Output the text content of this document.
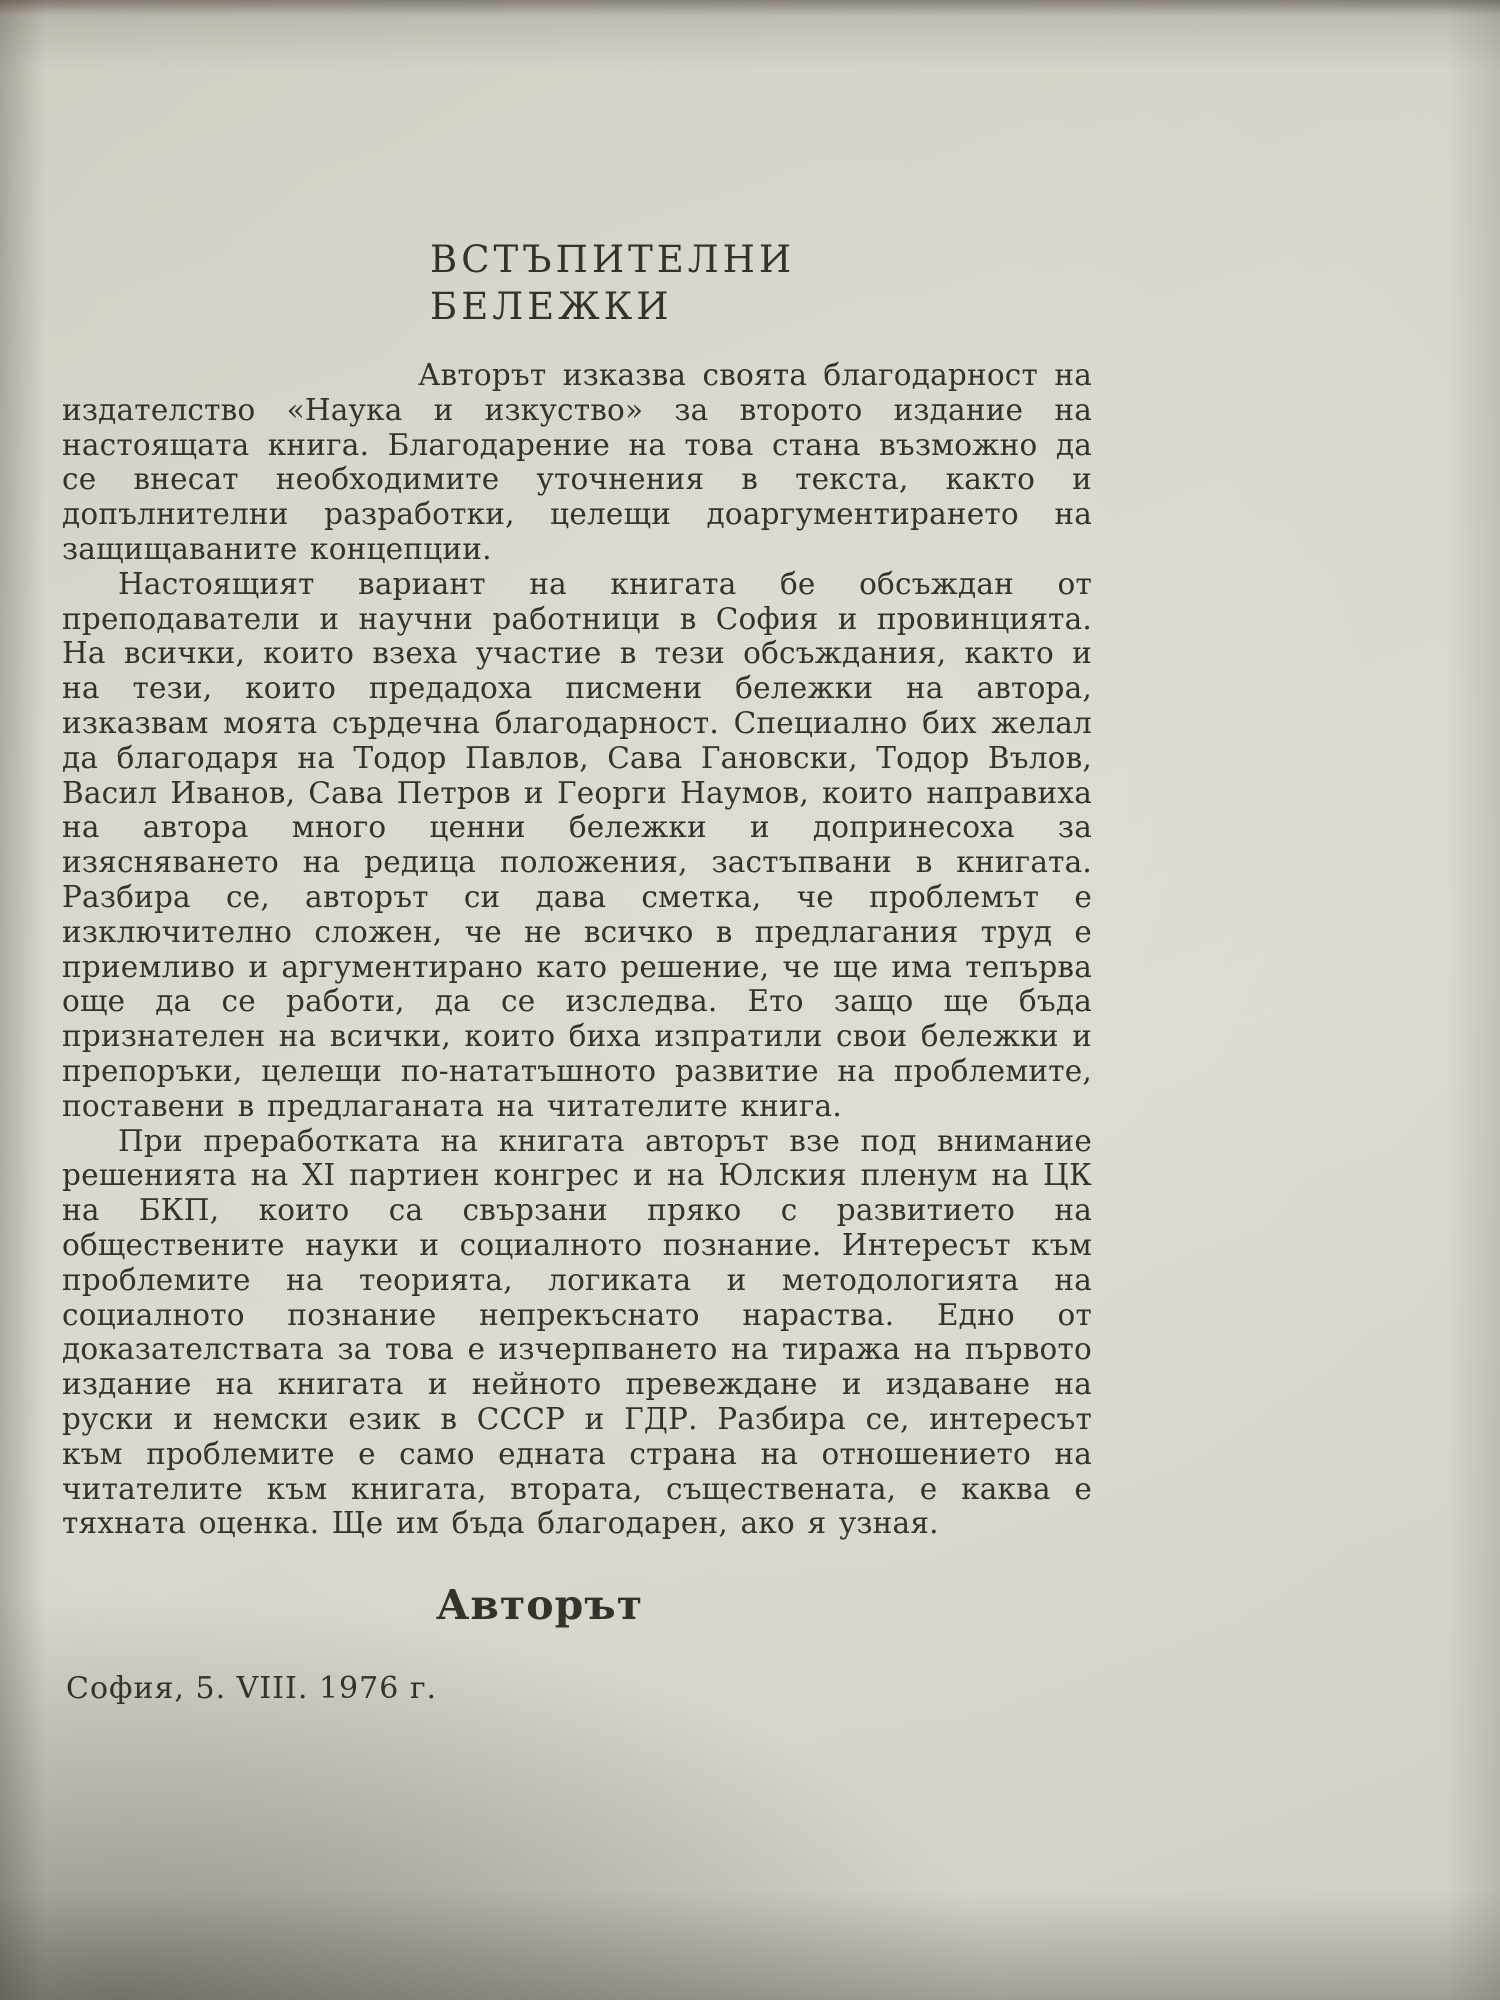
ВСТЪПИТЕЛНИ
БЕЛЕЖКИ

Авторът изказва своята благодарност на издателство «Наука и изкуство» за второто издание на настоящата книга. Благодарение на това стана възможно да се внесат необходимите уточнения в текста, както и допълнителни разработки, целещи доаргументирането на защищаваните концепции.

Настоящият вариант на книгата бе обсъждан от преподаватели и научни работници в София и провинцията. На всички, които взеха участие в тези обсъждания, както и на тези, които предадоха писмени бележки на автора, изказвам моята сърдечна благодарност. Специално бих желал да благодаря на Тодор Павлов, Сава Гановски, Тодор Вълов, Васил Иванов, Сава Петров и Георги Наумов, които направиха на автора много ценни бележки и допринесоха за изясняването на редица положения, застъпвани в книгата. Разбира се, авторът си дава сметка, че проблемът е изключително сложен, че не всичко в предлагания труд е приемливо и аргументирано като решение, че ще има тепърва още да се работи, да се изследва. Ето защо ще бъда признателен на всички, които биха изпратили свои бележки и препоръки, целещи по-нататъшното развитие на проблемите, поставени в предлаганата на читателите книга.

При преработката на книгата авторът взе под внимание решенията на XI партиен конгрес и на Юлския пленум на ЦК на БКП, които са свързани пряко с развитието на обществените науки и социалното познание. Интересът към проблемите на теорията, логиката и методологията на социалното познание непрекъснато нараства. Едно от доказателствата за това е изчерпването на тиража на първото издание на книгата и нейното превеждане и издаване на руски и немски език в СССР и ГДР. Разбира се, интересът към проблемите е само едната страна на отношението на читателите към книгата, втората, съществената, е каква е тяхната оценка. Ще им бъда благодарен, ако я узная.

Авторът
София, 5. VIII. 1976 г.
